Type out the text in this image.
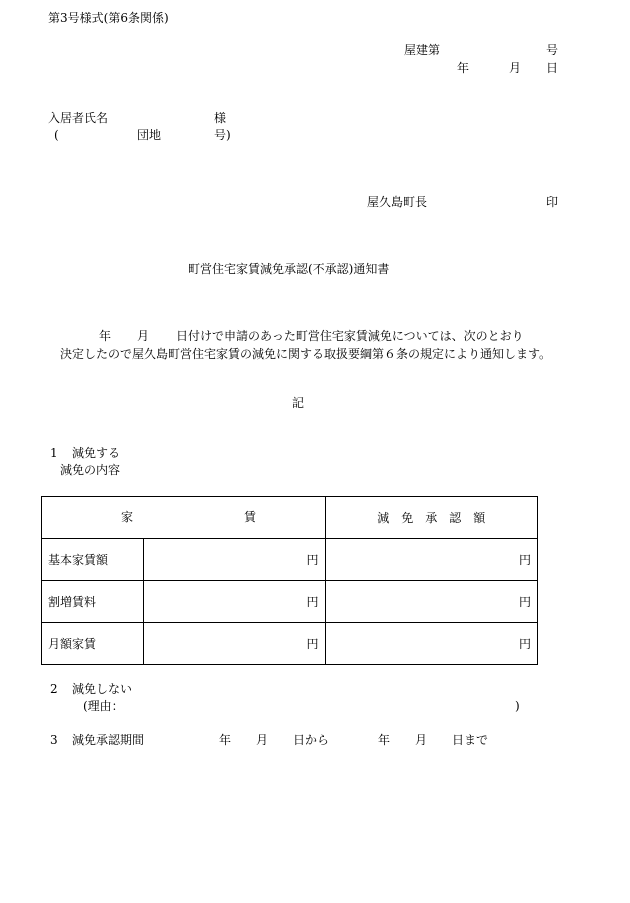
第3号様式(第6条関係)
屋建第	号
年	月 日
入居者氏名	様
(	団地	号)
屋久島町長	印
町営住宅家賃減免承認(不承認)通知書
年 月 日付けで申請のあった町営住宅家賃減免については、次のとおり
決定したので屋久島町営住宅家賃の減免に関する取扱要綱第６条の規定により通知します。
記
1 減免する
減免の内容
家 賃		減　免　承　認　額
基本家賃額	円	円
割増賃料	円	円
月額家賃	円	円
2 減免しない
(理由：	)
3 減免承認期間	年 月 日から	年 月 日まで
